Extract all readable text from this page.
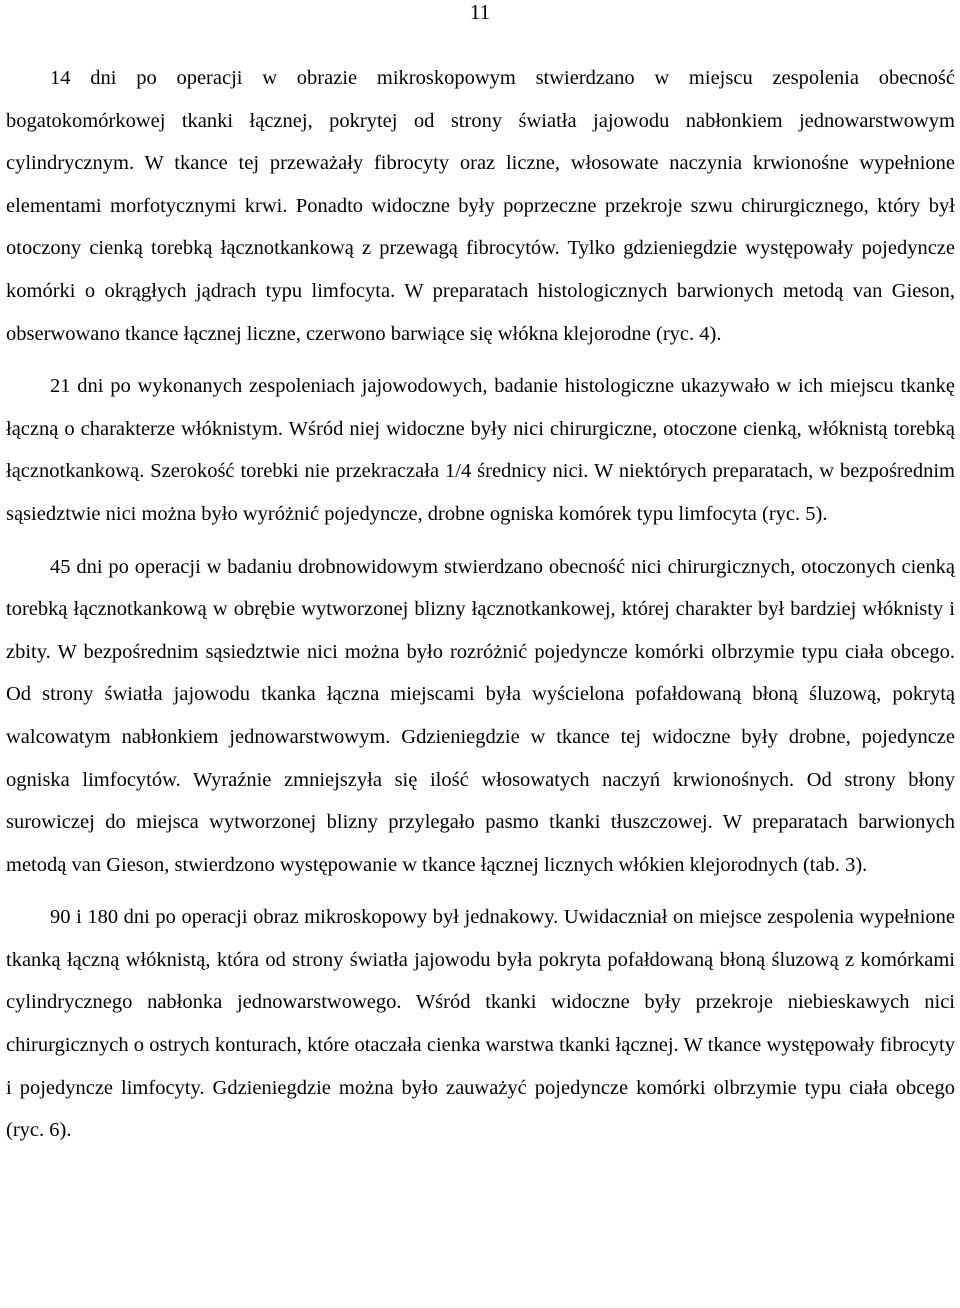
11

14 dni po operacji w obrazie mikroskopowym stwierdzano w miejscu zespolenia obecność bogatokomórkowej tkanki łącznej, pokrytej od strony światła jajowodu nabłonkiem jednowarstwowym cylindrycznym. W tkance tej przeważały fibrocyty oraz liczne, włosowate naczynia krwionośne wypełnione elementami morfotycznymi krwi. Ponadto widoczne były poprzeczne przekroje szwu chirurgicznego, który był otoczony cienką torebką łącznotkankową z przewagą fibrocytów. Tylko gdzieniegdzie występowały pojedyncze komórki o okrągłych jądrach typu limfocyta. W preparatach histologicznych barwionych metodą van Gieson, obserwowano tkance łącznej liczne, czerwono barwiące się włókna klejorodne (ryc. 4).

21 dni po wykonanych zespoleniach jajowodowych, badanie histologiczne ukazywało w ich miejscu tkankę łączną o charakterze włóknistym. Wśród niej widoczne były nici chirurgiczne, otoczone cienką, włóknistą torebką łącznotkankową. Szerokość torebki nie przekraczała 1/4 średnicy nici. W niektórych preparatach, w bezpośrednim sąsiedztwie nici można było wyróżnić pojedyncze, drobne ogniska komórek typu limfocyta (ryc. 5).

45 dni po operacji w badaniu drobnowidowym stwierdzano obecność nici chirurgicznych, otoczonych cienką torebką łącznotkankową w obrębie wytworzonej blizny łącznotkankowej, której charakter był bardziej włóknisty i zbity. W bezpośrednim sąsiedztwie nici można było rozróżnić pojedyncze komórki olbrzymie typu ciała obcego. Od strony światła jajowodu tkanka łączna miejscami była wyścielona pofałdowaną błoną śluzową, pokrytą walcowatym nabłonkiem jednowarstwowym. Gdzieniegdzie w tkance tej widoczne były drobne, pojedyncze ogniska limfocytów. Wyraźnie zmniejszyła się ilość włosowatych naczyń krwionośnych. Od strony błony surowiczej do miejsca wytworzonej blizny przylegało pasmo tkanki tłuszczowej. W preparatach barwionych metodą van Gieson, stwierdzono występowanie w tkance łącznej licznych włókien klejorodnych (tab. 3).

90 i 180 dni po operacji obraz mikroskopowy był jednakowy. Uwidaczniał on miejsce zespolenia wypełnione tkanką łączną włóknistą, która od strony światła jajowodu była pokryta pofałdowaną błoną śluzową z komórkami cylindrycznego nabłonka jednowarstwowego. Wśród tkanki widoczne były przekroje niebieskawych nici chirurgicznych o ostrych konturach, które otaczała cienka warstwa tkanki łącznej. W tkance występowały fibrocyty i pojedyncze limfocyty. Gdzieniegdzie można było zauważyć pojedyncze komórki olbrzymie typu ciała obcego (ryc. 6).
